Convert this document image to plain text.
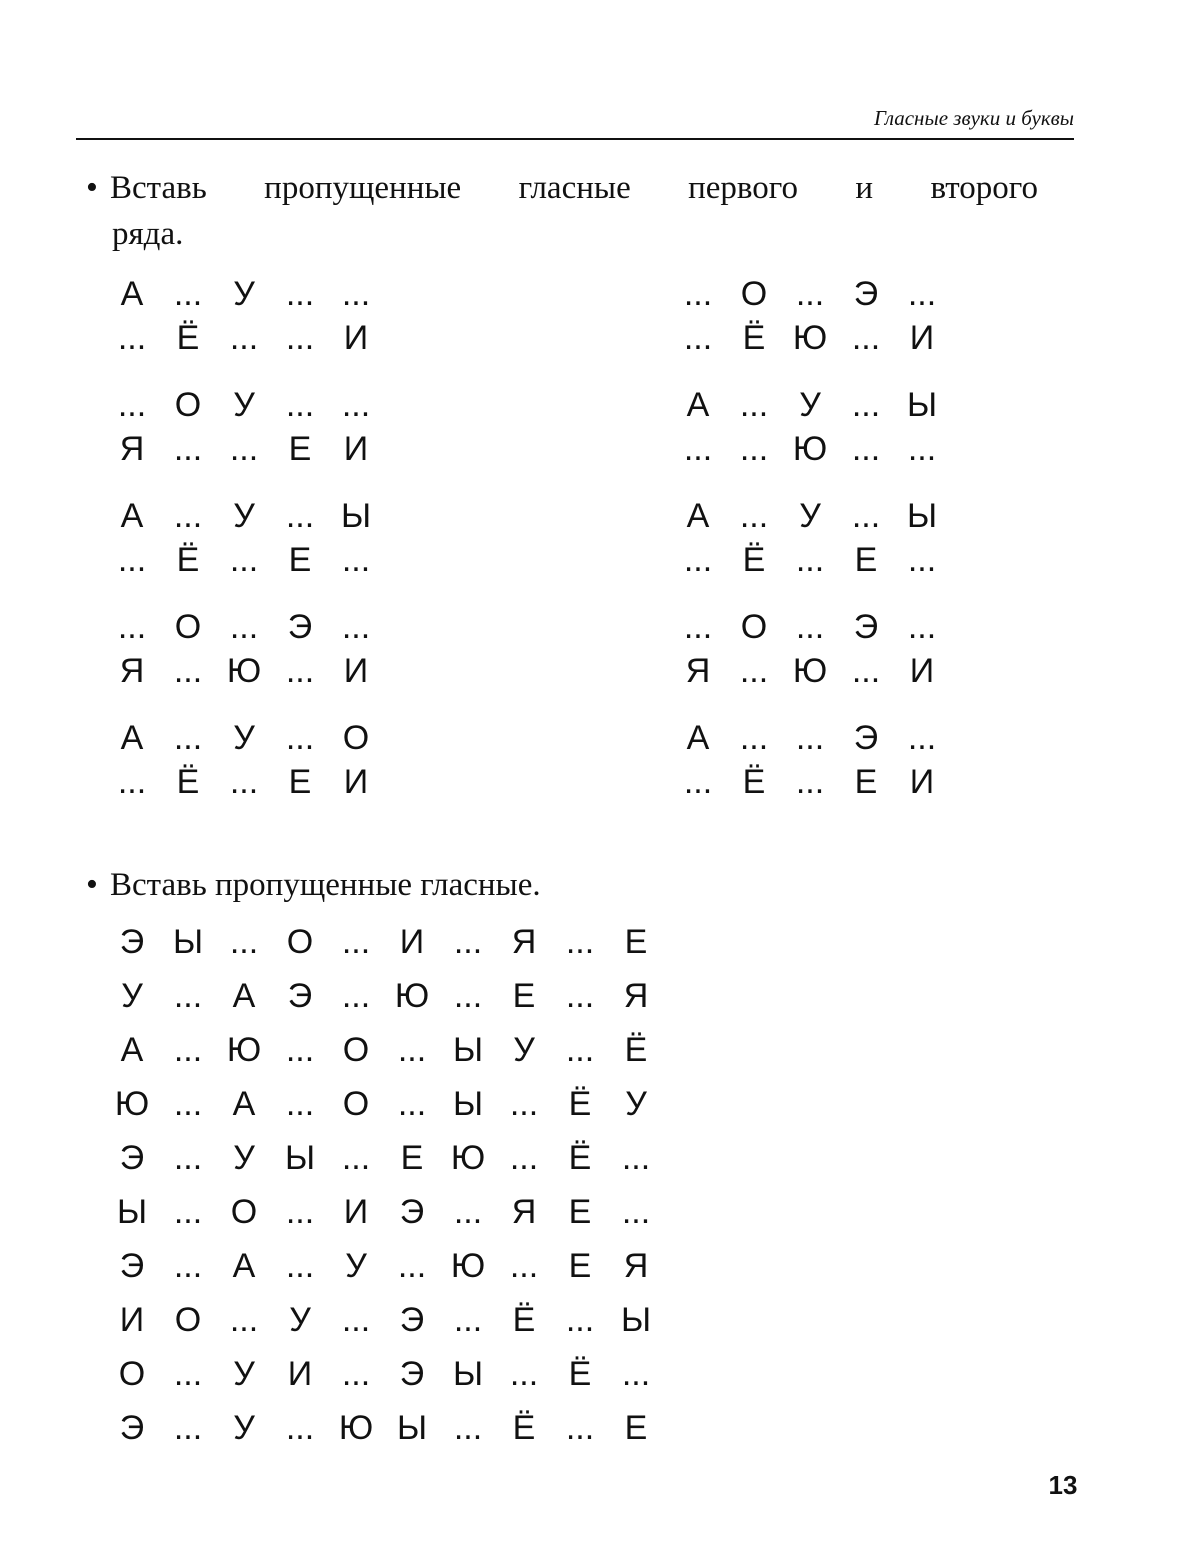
Гласные звуки и буквы
• Вставь пропущенные гласные первого и второго
ряда.
А ... У ... ...
... Ё ... ... И
... О У ... ...
Я ... ... Е И
А ... У ... Ы
... Ё ... Е ...
... О ... Э ...
Я ... Ю ... И
А ... У ... О
... Ё ... Е И
... О ... Э ...
... Ё Ю ... И
А ... У ... Ы
... ... Ю ... ...
А ... У ... Ы
... Ё ... Е ...
... О ... Э ...
Я ... Ю ... И
А ... ... Э ...
... Ё ... Е И
• Вставь пропущенные гласные.
Э Ы ... О ... И ... Я ... Е
У ... А Э ... Ю ... Е ... Я
А ... Ю ... О ... Ы У ... Ё
Ю ... А ... О ... Ы ... Ё У
Э ... У Ы ... Е Ю ... Ё ...
Ы ... О ... И Э ... Я Е ...
Э ... А ... У ... Ю ... Е Я
И О ... У ... Э ... Ё ... Ы
О ... У И ... Э Ы ... Ё ...
Э ... У ... Ю Ы ... Ё ... Е
13
